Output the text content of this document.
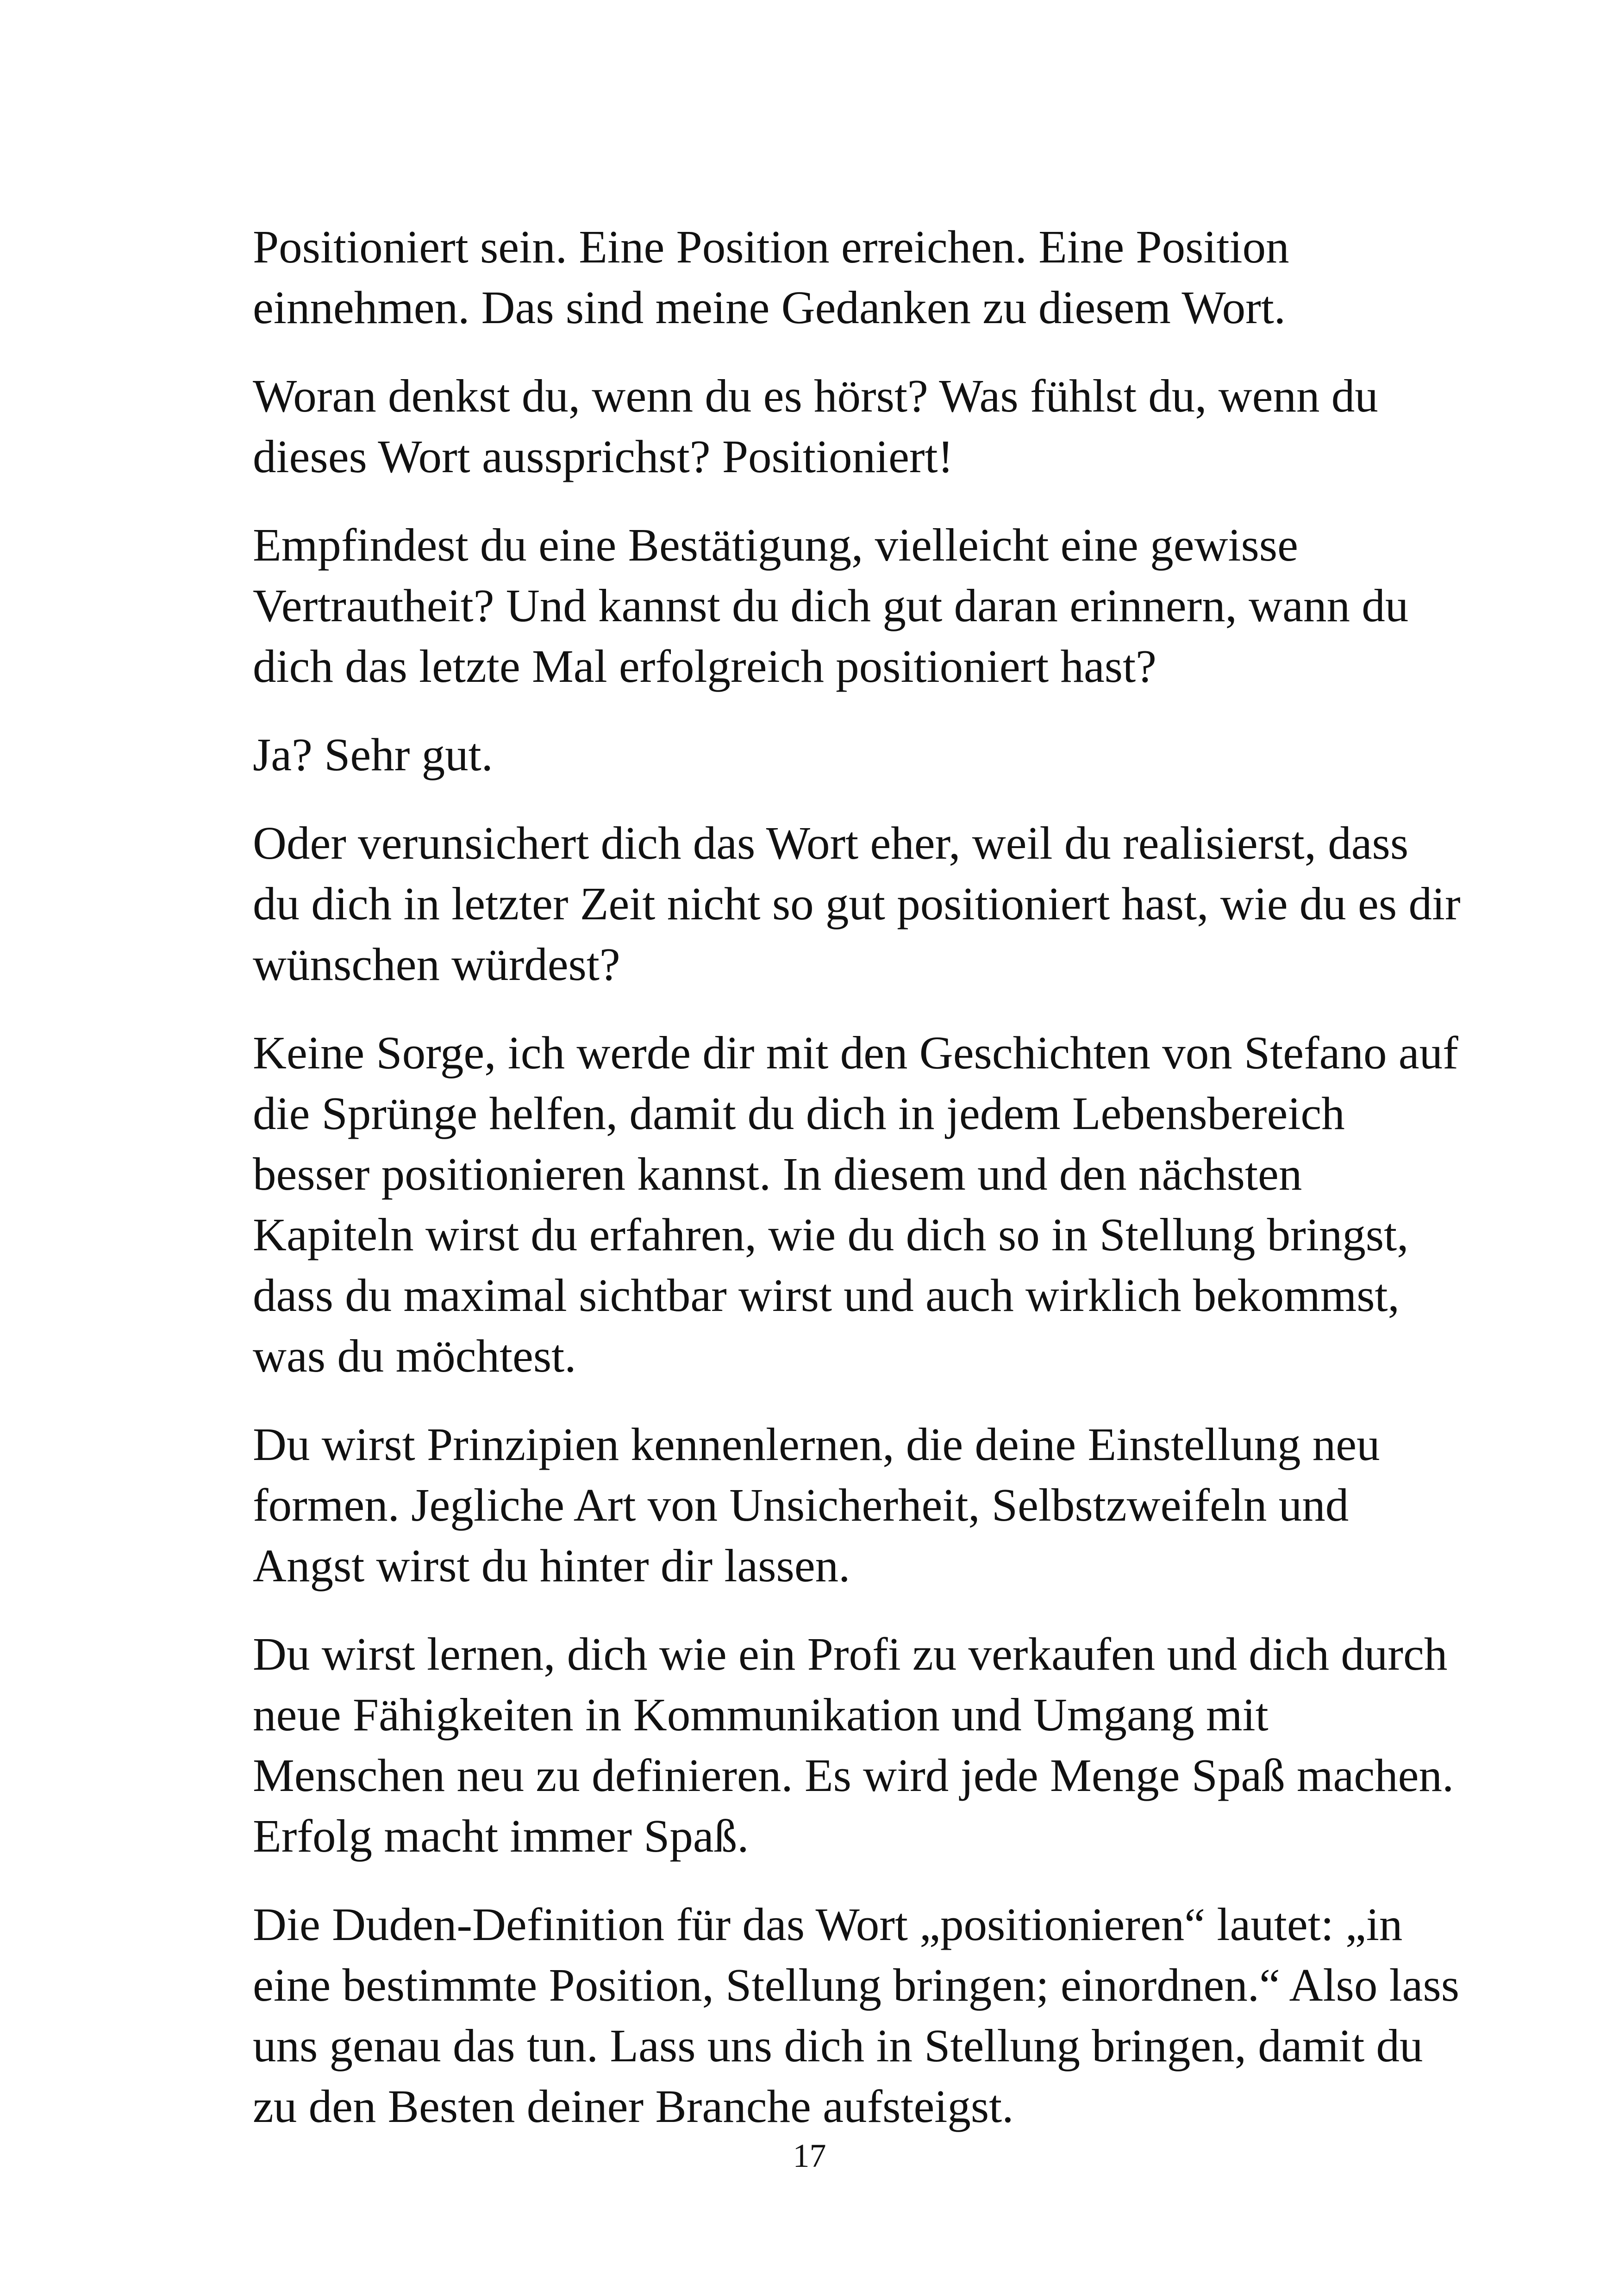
Positioniert sein. Eine Position erreichen. Eine Position
einnehmen. Das sind meine Gedanken zu diesem Wort.

Woran denkst du, wenn du es hörst? Was fühlst du, wenn du
dieses Wort aussprichst? Positioniert!

Empfindest du eine Bestätigung, vielleicht eine gewisse
Vertrautheit? Und kannst du dich gut daran erinnern, wann du
dich das letzte Mal erfolgreich positioniert hast?

Ja? Sehr gut.

Oder verunsichert dich das Wort eher, weil du realisierst, dass
du dich in letzter Zeit nicht so gut positioniert hast, wie du es dir
wünschen würdest?

Keine Sorge, ich werde dir mit den Geschichten von Stefano auf
die Sprünge helfen, damit du dich in jedem Lebensbereich
besser positionieren kannst. In diesem und den nächsten
Kapiteln wirst du erfahren, wie du dich so in Stellung bringst,
dass du maximal sichtbar wirst und auch wirklich bekommst,
was du möchtest.

Du wirst Prinzipien kennenlernen, die deine Einstellung neu
formen. Jegliche Art von Unsicherheit, Selbstzweifeln und
Angst wirst du hinter dir lassen.

Du wirst lernen, dich wie ein Profi zu verkaufen und dich durch
neue Fähigkeiten in Kommunikation und Umgang mit
Menschen neu zu definieren. Es wird jede Menge Spaß machen.
Erfolg macht immer Spaß.

Die Duden-Definition für das Wort „positionieren“ lautet: „in
eine bestimmte Position, Stellung bringen; einordnen.“ Also lass
uns genau das tun. Lass uns dich in Stellung bringen, damit du
zu den Besten deiner Branche aufsteigst.

17
